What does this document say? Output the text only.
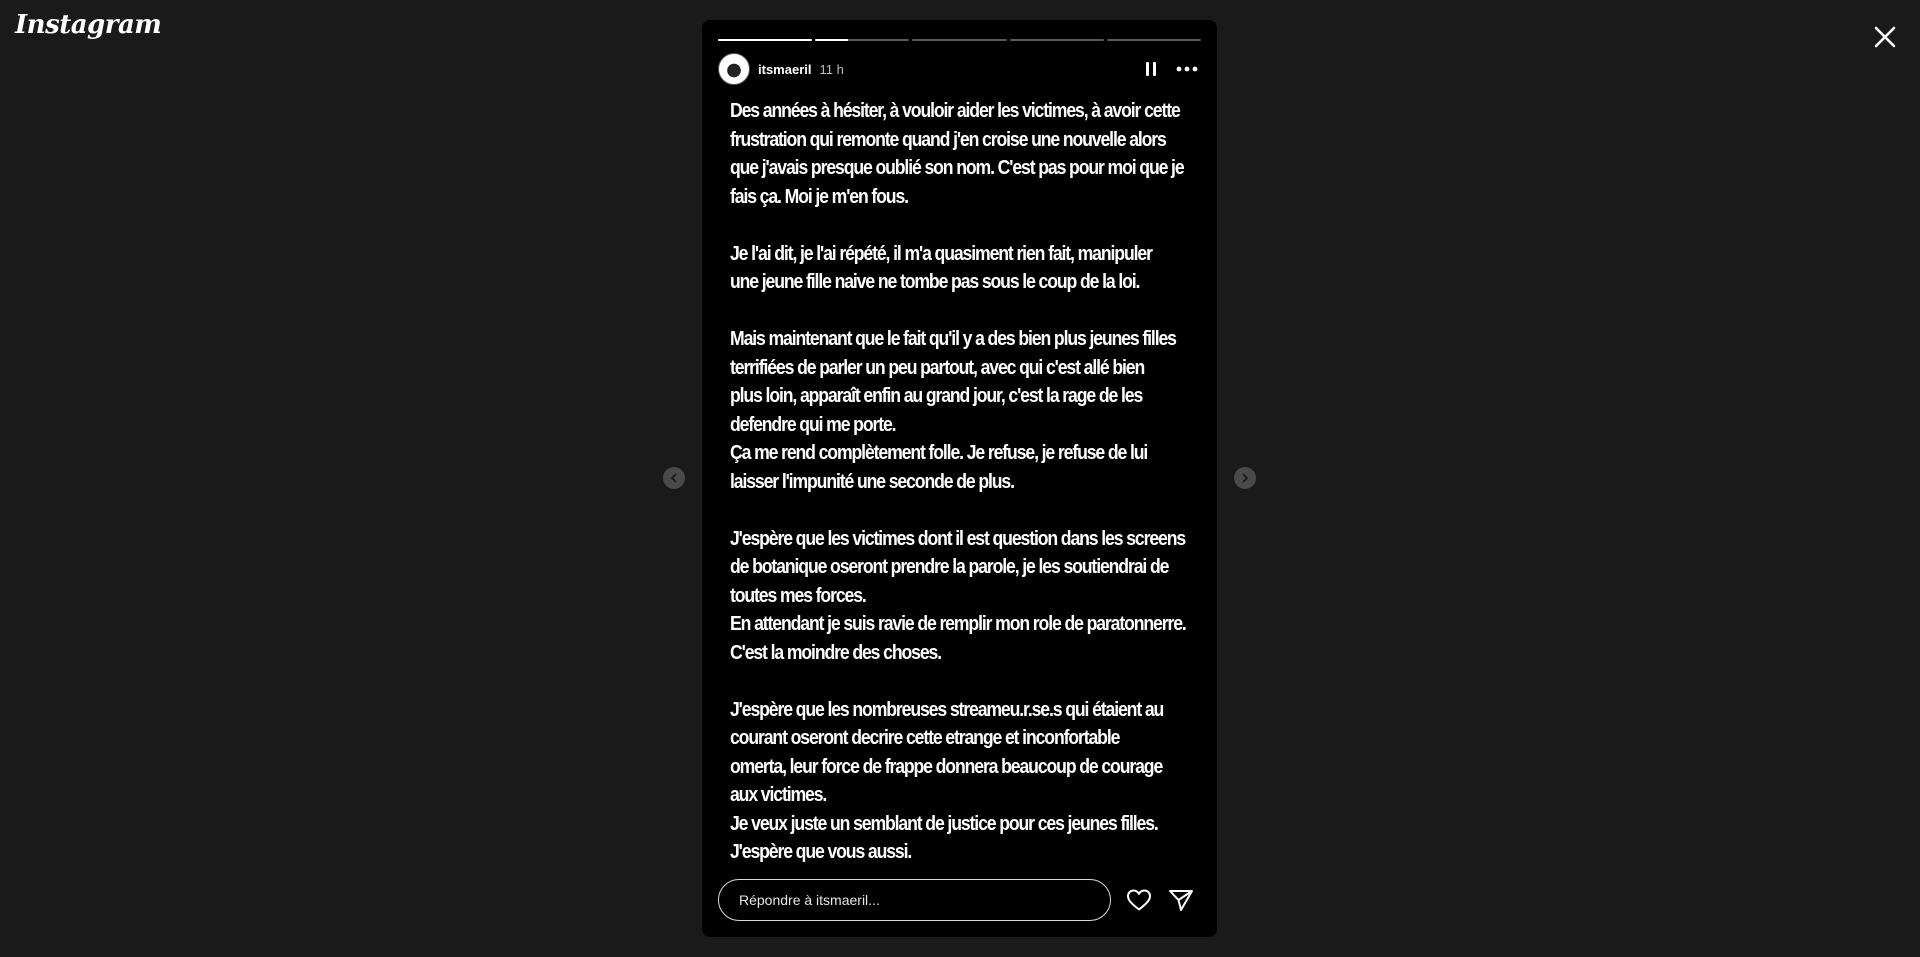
Instagram
itsmaeril 11 h
Des années à hésiter, à vouloir aider les victimes, à avoir cette
frustration qui remonte quand j'en croise une nouvelle alors
que j'avais presque oublié son nom. C'est pas pour moi que je
fais ça. Moi je m'en fous.

Je l'ai dit, je l'ai répété, il m'a quasiment rien fait, manipuler
une jeune fille naive ne tombe pas sous le coup de la loi.

Mais maintenant que le fait qu'il y a des bien plus jeunes filles
terrifiées de parler un peu partout, avec qui c'est allé bien
plus loin, apparaît enfin au grand jour, c'est la rage de les
defendre qui me porte.
Ça me rend complètement folle. Je refuse, je refuse de lui
laisser l'impunité une seconde de plus.

J'espère que les victimes dont il est question dans les screens
de botanique oseront prendre la parole, je les soutiendrai de
toutes mes forces.
En attendant je suis ravie de remplir mon role de paratonnerre.
C'est la moindre des choses.

J'espère que les nombreuses streameu.r.se.s qui étaient au
courant oseront decrire cette etrange et inconfortable
omerta, leur force de frappe donnera beaucoup de courage
aux victimes.
Je veux juste un semblant de justice pour ces jeunes filles.
J'espère que vous aussi.
Répondre à itsmaeril...
